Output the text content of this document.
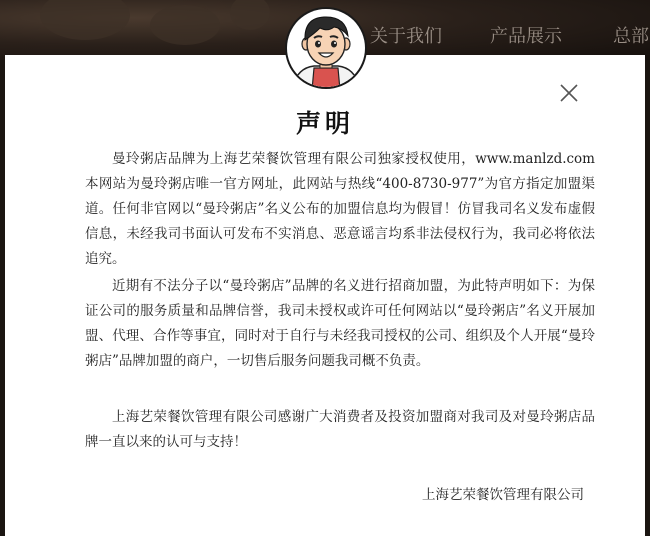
关于我们	产品展示	总部
声明

曼玲粥店品牌为上海艺荣餐饮管理有限公司独家授权使用，www.manlzd.com本网站为曼玲粥店唯一官方网址，此网站与热线“400-8730-977”为官方指定加盟渠道。任何非官网以“曼玲粥店”名义公布的加盟信息均为假冒！仿冒我司名义发布虚假信息，未经我司书面认可发布不实消息、恶意谣言均系非法侵权行为，我司必将依法追究。

近期有不法分子以“曼玲粥店”品牌的名义进行招商加盟，为此特声明如下：为保证公司的服务质量和品牌信誉，我司未授权或许可任何网站以“曼玲粥店”名义开展加盟、代理、合作等事宜，同时对于自行与未经我司授权的公司、组织及个人开展“曼玲粥店”品牌加盟的商户，一切售后服务问题我司概不负责。

上海艺荣餐饮管理有限公司感谢广大消费者及投资加盟商对我司及对曼玲粥店品牌一直以来的认可与支持！

上海艺荣餐饮管理有限公司
